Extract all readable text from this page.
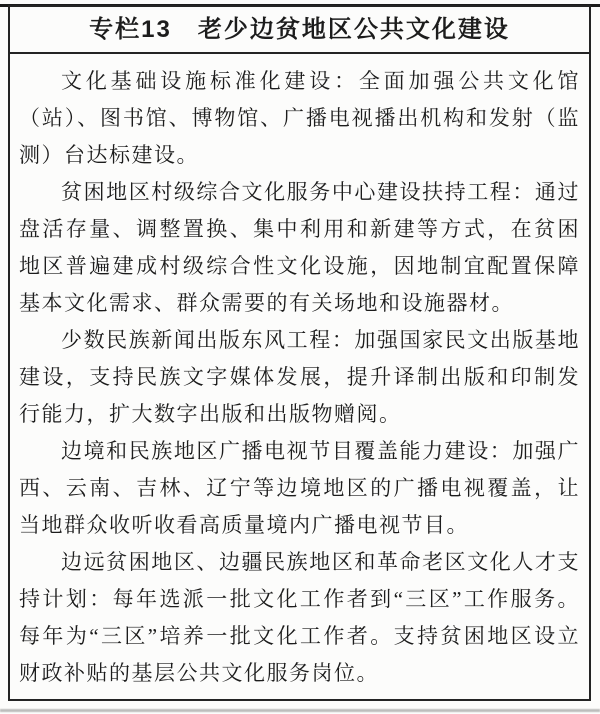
专栏13　老少边贫地区公共文化建设

文化基础设施标准化建设：全面加强公共文化馆（站）、图书馆、博物馆、广播电视播出机构和发射（监测）台达标建设。

贫困地区村级综合文化服务中心建设扶持工程：通过盘活存量、调整置换、集中利用和新建等方式，在贫困地区普遍建成村级综合性文化设施，因地制宜配置保障基本文化需求、群众需要的有关场地和设施器材。

少数民族新闻出版东风工程：加强国家民文出版基地建设，支持民族文字媒体发展，提升译制出版和印制发行能力，扩大数字出版和出版物赠阅。

边境和民族地区广播电视节目覆盖能力建设：加强广西、云南、吉林、辽宁等边境地区的广播电视覆盖，让当地群众收听收看高质量境内广播电视节目。

边远贫困地区、边疆民族地区和革命老区文化人才支持计划：每年选派一批文化工作者到“三区”工作服务。每年为“三区”培养一批文化工作者。支持贫困地区设立财政补贴的基层公共文化服务岗位。
